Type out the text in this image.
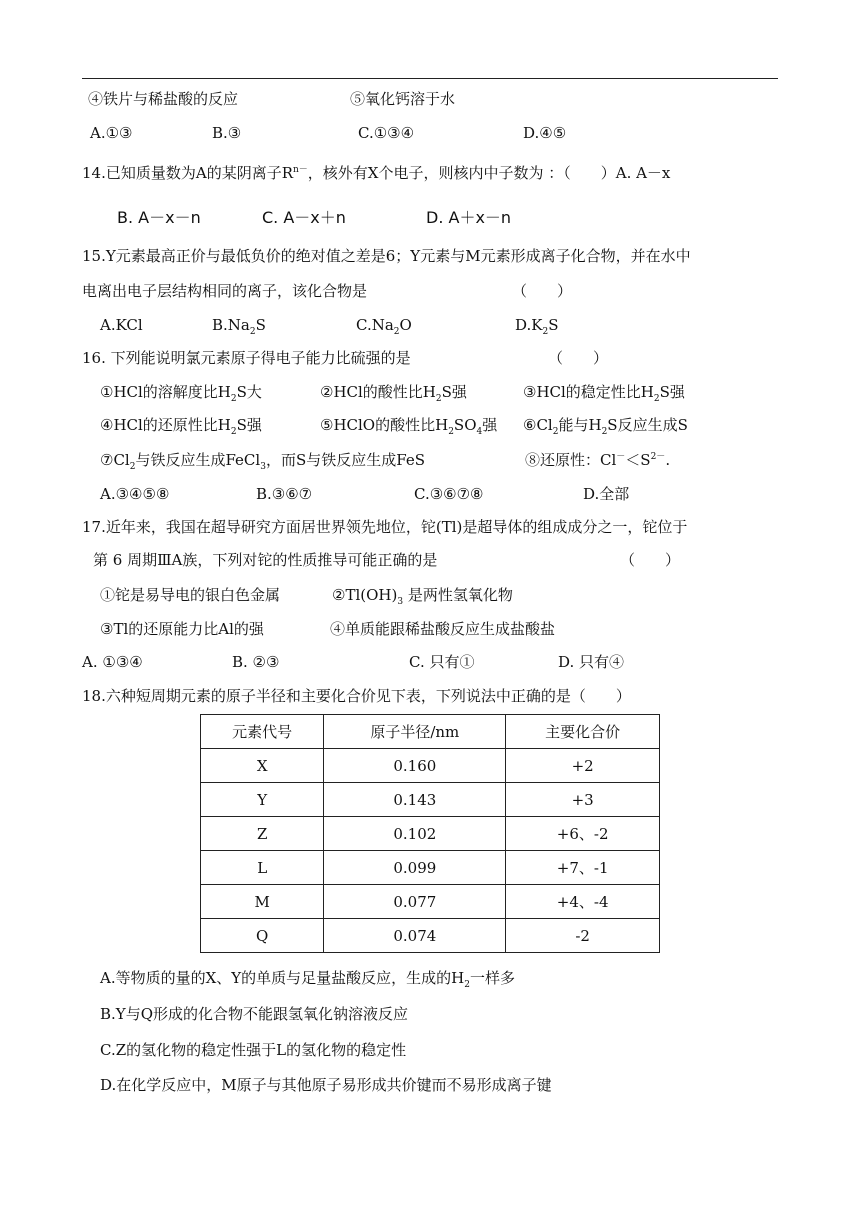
④铁片与稀盐酸的反应	⑤氧化钙溶于水
A.①③	B.③	C.①③④	D.④⑤
14.已知质量数为A的某阴离子$R^{n-}$，核外有X个电子，则核内中子数为 ：（　　）A. A－x
B. A－x－n	C. A－x＋n	D. A＋x－n
15.Y元素最高正价与最低负价的绝对值之差是6；Y元素与M元素形成离子化合物，并在水中
电离出电子层结构相同的离子，该化合物是	（　　）
A.KCl	$B.Na_2S$	$C.Na_2O$	$D.K_2S$
16. 下列能说明氯元素原子得电子能力比硫强的是	（　　）
①HCl的溶解度比$H_2S$大	②HCl的酸性比$H_2S$强	③HCl的稳定性比$H_2S$强
④HCl的还原性比$H_2S$强	⑤HClO的酸性比$H_2SO_4$强 $⑥Cl_2$能与$H_2S$反应生成S
$⑦Cl_2$与铁反应生成FeCl$_3$，而S与铁反应生成FeS	⑧还原性：$Cl^-<S^{2-}$.
A.③④⑤⑧	B.③⑥⑦	C.③⑥⑦⑧	D.全部
17.近年来，我国在超导研究方面居世界领先地位，铊(Tl)是超导体的组成成分之一，铊位于
第 6 周期ⅢA族，下列对铊的性质推导可能正确的是	（　　）
①铊是易导电的银白色金属	$②Tl(OH)_3$ 是两性氢氧化物
③Tl的还原能力比Al的强	④单质能跟稀盐酸反应生成盐酸盐
A. ①③④	B. ②③	C. 只有①	D. 只有④
18.六种短周期元素的原子半径和主要化合价见下表，下列说法中正确的是（　　）
元素代号	原子半径/nm	主要化合价
X	0.160	+2
Y	0.143	+3
Z	0.102	+6、-2
L	0.099	+7、-1
M	0.077	+4、-4
Q	0.074	-2
A.等物质的量的X、Y的单质与足量盐酸反应，生成的$H_2$一样多
B.Y与Q形成的化合物不能跟氢氧化钠溶液反应
C.Z的氢化物的稳定性强于L的氢化物的稳定性
D.在化学反应中，M原子与其他原子易形成共价键而不易形成离子键
